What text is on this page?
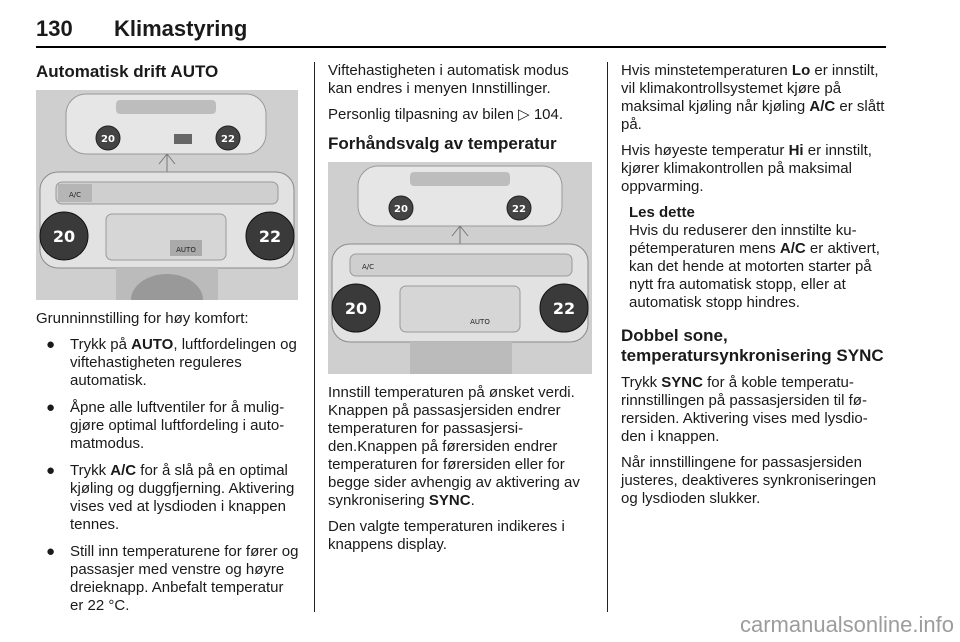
130 Klimastyring
Automatisk drift AUTO
20	22
A/C
20	22
AUTO

Grunninnstilling for høy komfort:

● Trykk på AUTO, luftfordelingen og viftehastigheten reguleres automatisk.
● Åpne alle luftventiler for å muliggjøre optimal luftfordeling i automatmodus.
● Trykk A/C for å slå på en optimal kjøling og duggfjerning. Aktivering vises ved at lysdioden i knappen tennes.
● Still inn temperaturene for fører og passasjer med venstre og høyre dreieknapp. Anbefalt temperatur er 22 °C.

Viftehastigheten i automatisk modus kan endres i menyen Innstillinger.

Personlig tilpasning av bilen ▷ 104.

Forhåndsvalg av temperatur
20	22
A/C
20	22
AUTO

Innstill temperaturen på ønsket verdi. Knappen på passasjersiden endrer temperaturen for passasjersiden.Knappen på førersiden endrer temperaturen for førersiden eller for begge sider avhengig av aktivering av synkronisering SYNC.

Den valgte temperaturen indikeres i knappens display.

Hvis minstetemperaturen Lo er innstilt, vil klimakontrollsystemet kjøre på maksimal kjøling når kjøling A/C er slått på.

Hvis høyeste temperatur Hi er innstilt, kjører klimakontrollen på maksimal oppvarming.

Les dette
Hvis du reduserer den innstilte kupétemperaturen mens A/C er aktivert, kan det hende at motorten starter på nytt fra automatisk stopp, eller at automatisk stopp hindres.
Dobbel sone, temperatursynkronisering SYNC

Trykk SYNC for å koble temperaturinnstillingen på passasjersiden til førersiden. Aktivering vises med lysdioden i knappen.

Når innstillingene for passasjersiden justeres, deaktiveres synkroniseringen og lysdioden slukker.

carmanualsonline.info
